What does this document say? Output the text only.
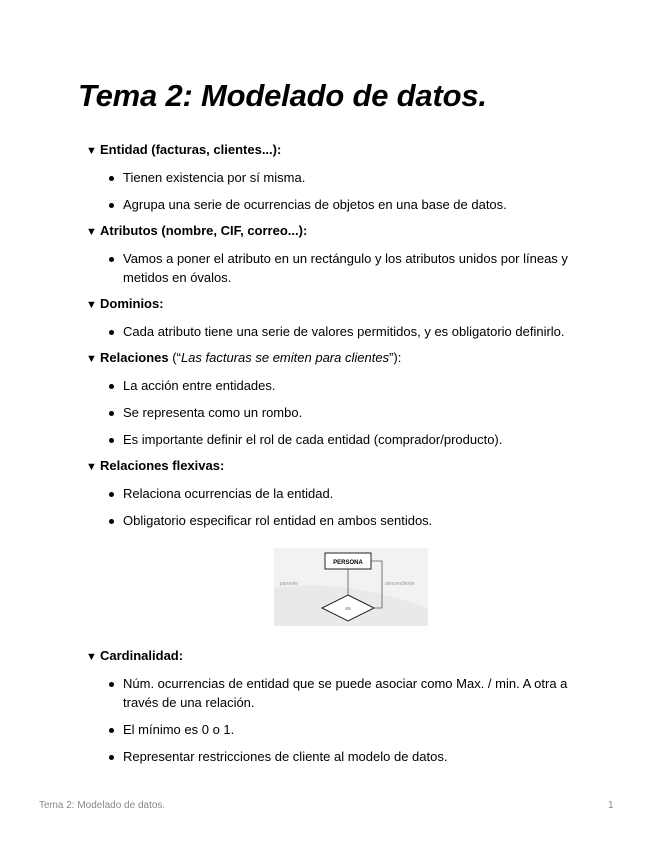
Tema 2: Modelado de datos.
▼ Entidad (facturas, clientes...):
Tienen existencia por sí misma.
Agrupa una serie de ocurrencias de objetos en una base de datos.
▼ Atributos (nombre, CIF, correo...):
Vamos a poner el atributo en un rectángulo y los atributos unidos por líneas y metidos en óvalos.
▼ Dominios:
Cada atributo tiene una serie de valores permitidos, y es obligatorio definirlo.
▼ Relaciones (“Las facturas se emiten para clientes”):
La acción entre entidades.
Se representa como un rombo.
Es importante definir el rol de cada entidad (comprador/producto).
▼ Relaciones flexivas:
Relaciona ocurrencias de la entidad.
Obligatorio especificar rol entidad en ambos sentidos.
PERSONA
es
pariente	descendiente
▼ Cardinalidad:
Núm. ocurrencias de entidad que se puede asociar como Max. / min. A otra a través de una relación.
El mínimo es 0 o 1.
Representar restricciones de cliente al modelo de datos.
Tema 2: Modelado de datos.	1
